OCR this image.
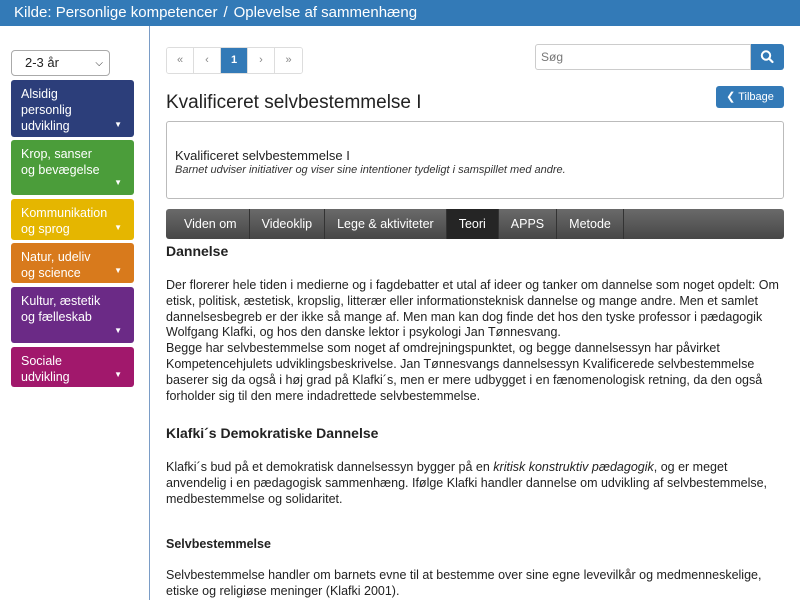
Kilde: Personlige kompetencer / Oplevelse af sammenhæng
2-3 år	⌵
Alsidig personlig udvikling	▼
Krop, sanser og bevægelse
▼
Kommunikation og sprog	▼
Natur, udeliv og science	▼
Kultur, æstetik og fælleskab
▼
Sociale udvikling	▼
«	‹	1	›	»	Søg
❮ Tilbage
Kvalificeret selvbestemmelse I
Kvalificeret selvbestemmelse I
Barnet udviser initiativer og viser sine intentioner tydeligt i samspillet med andre.
Viden om	Videoklip	Lege & aktiviteter	Teori	APPS	Metode
Dannelse

Der florerer hele tiden i medierne og i fagdebatter et utal af ideer og tanker om dannelse som noget opdelt: Om etisk, politisk, æstetisk, kropslig, litterær eller informationsteknisk dannelse og mange andre. Men et samlet dannelsesbegreb er der ikke så mange af. Men man kan dog finde det hos den tyske professor i pædagogik Wolfgang Klafki, og hos den danske lektor i psykologi Jan Tønnesvang.

Begge har selvbestemmelse som noget af omdrejningspunktet, og begge dannelsessyn har påvirket Kompetencehjulets udviklingsbeskrivelse. Jan Tønnesvangs dannelsessyn Kvalificerede selvbestemmelse baserer sig da også i høj grad på Klafki´s, men er mere udbygget i en fænomenologisk retning, da den også forholder sig til den mere indadrettede selvbestemmelse.

Klafki´s Demokratiske Dannelse

Klafki´s bud på et demokratisk dannelsessyn bygger på en kritisk konstruktiv pædagogik, og er meget anvendelig i en pædagogisk sammenhæng. Ifølge Klafki handler dannelse om udvikling af selvbestemmelse, medbestemmelse og solidaritet.

Selvbestemmelse

Selvbestemmelse handler om barnets evne til at bestemme over sine egne levevilkår og medmenneskelige, etiske og religiøse meninger (Klafki 2001).
